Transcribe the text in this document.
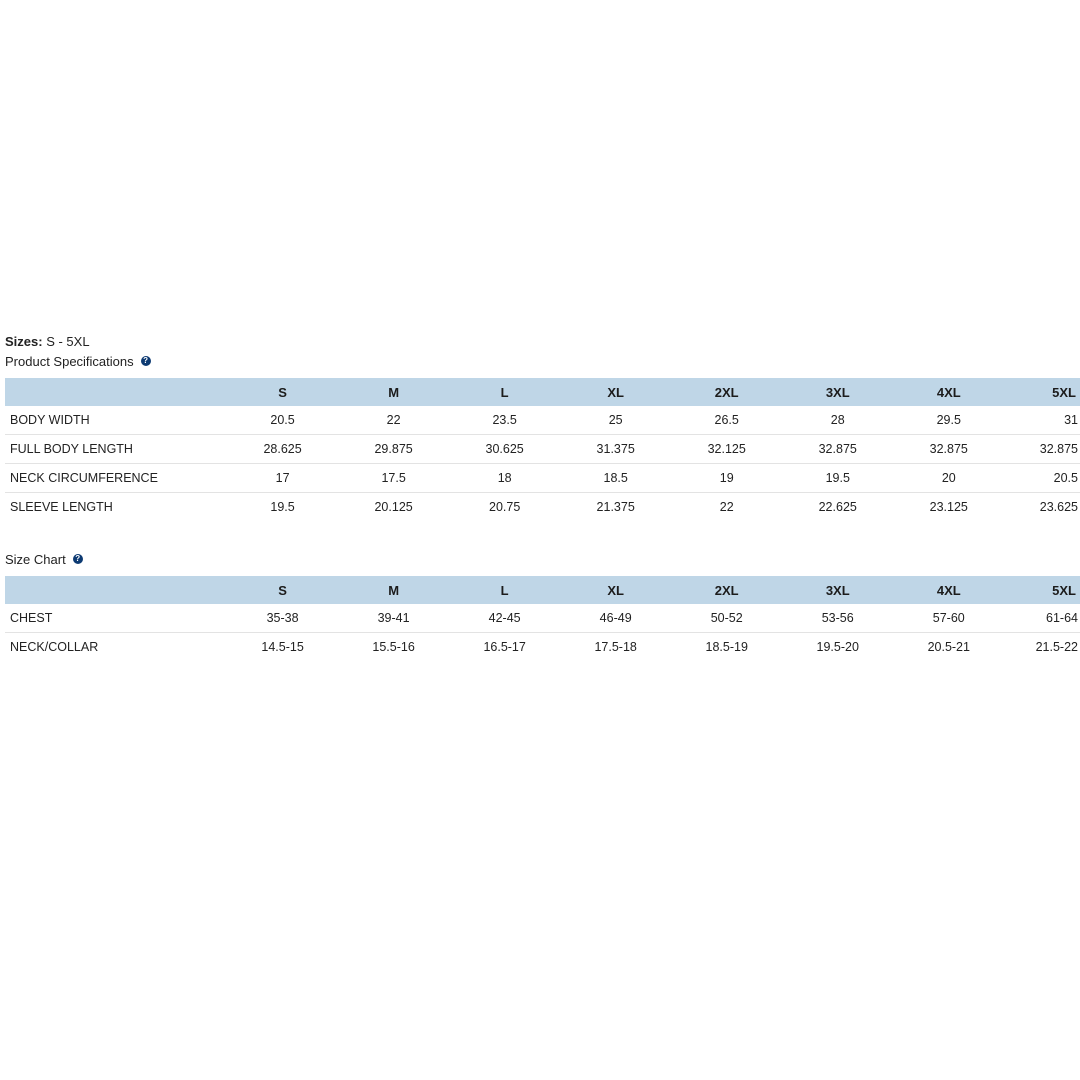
Sizes: S - 5XL

Product Specifications	?
	S	M	L	XL	2XL	3XL	4XL	5XL
BODY WIDTH	20.5	22	23.5	25	26.5	28	29.5	31
FULL BODY LENGTH	28.625	29.875	30.625	31.375	32.125	32.875	32.875	32.875
NECK CIRCUMFERENCE	17	17.5	18	18.5	19	19.5	20	20.5
SLEEVE LENGTH	19.5	20.125	20.75	21.375	22	22.625	23.125	23.625
Size Chart	?
	S	M	L	XL	2XL	3XL	4XL	5XL
CHEST	35-38	39-41	42-45	46-49	50-52	53-56	57-60	61-64
NECK/COLLAR	14.5-15	15.5-16	16.5-17	17.5-18	18.5-19	19.5-20	20.5-21	21.5-22
